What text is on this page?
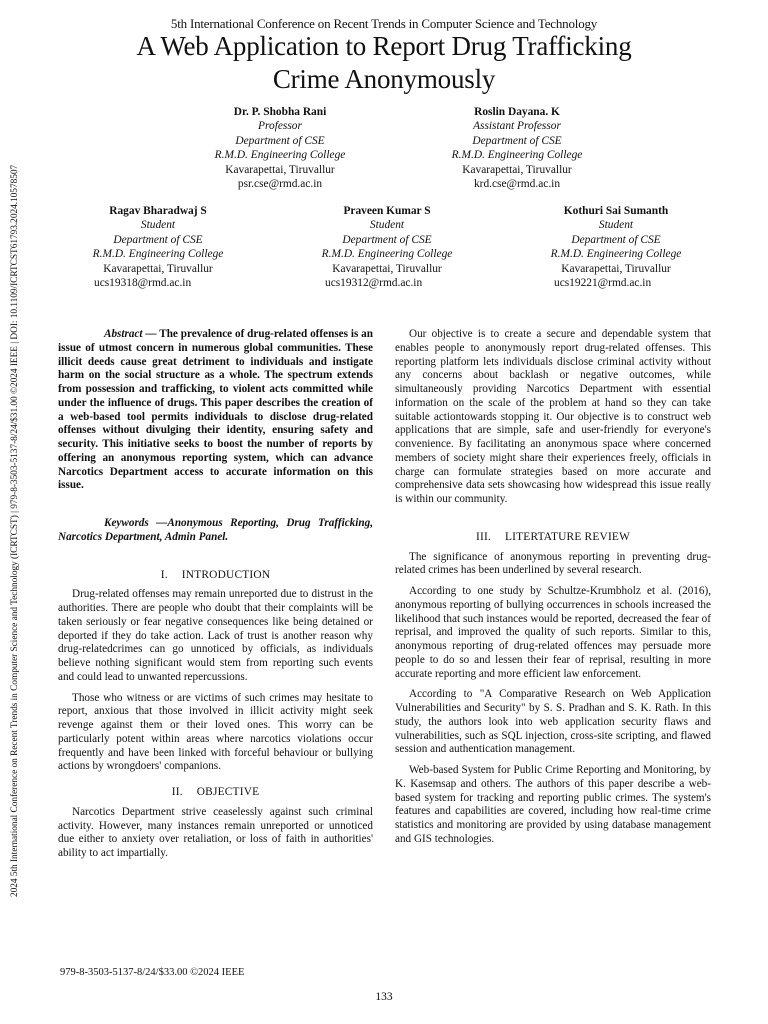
2024 5th International Conference on Recent Trends in Computer Science and Technology (ICRTCST) | 979-8-3503-5137-8/24/$31.00 ©2024 IEEE | DOI: 10.1109/ICRTCST61793.2024.10578507
5th International Conference on Recent Trends in Computer Science and Technology
A Web Application to Report Drug Trafficking
Crime Anonymously
Dr. P. Shobha Rani
Professor
Department of CSE
R.M.D. Engineering College
Kavarapettai, Tiruvallur
psr.cse@rmd.ac.in
Roslin Dayana. K
Assistant Professor
Department of CSE
R.M.D. Engineering College
Kavarapettai, Tiruvallur
krd.cse@rmd.ac.in
Ragav Bharadwaj S
Student
Department of CSE
R.M.D. Engineering College
Kavarapettai, Tiruvallur
ucs19318@rmd.ac.in
Praveen Kumar S
Student
Department of CSE
R.M.D. Engineering College
Kavarapettai, Tiruvallur
ucs19312@rmd.ac.in
Kothuri Sai Sumanth
Student
Department of CSE
R.M.D. Engineering College
Kavarapettai, Tiruvallur
ucs19221@rmd.ac.in

Abstract — The prevalence of drug-related offenses is an issue of utmost concern in numerous global communities. These illicit deeds cause great detriment to individuals and instigate harm on the social structure as a whole. The spectrum extends from possession and trafficking, to violent acts committed while under the influence of drugs. This paper describes the creation of a web-based tool permits individuals to disclose drug-related offenses without divulging their identity, ensuring safety and security. This initiative seeks to boost the number of reports by offering an anonymous reporting system, which can advance Narcotics Department access to accurate information on this issue.

Keywords —Anonymous Reporting, Drug Trafficking, Narcotics Department, Admin Panel.

I. INTRODUCTION

Drug-related offenses may remain unreported due to distrust in the authorities. There are people who doubt that their complaints will be taken seriously or fear negative consequences like being detained or deported if they do take action. Lack of trust is another reason why drug-relatedcrimes can go unnoticed by officials, as individuals believe nothing significant would stem from reporting such events and could lead to unwanted repercussions.

Those who witness or are victims of such crimes may hesitate to report, anxious that those involved in illicit activity might seek revenge against them or their loved ones. This worry can be particularly potent within areas where narcotics violations occur frequently and have been linked with forceful behaviour or bullying actions by wrongdoers' companions.

II. OBJECTIVE

Narcotics Department strive ceaselessly against such criminal activity. However, many instances remain unreported or unnoticed due either to anxiety over retaliation, or loss of faith in authorities' ability to act impartially.

Our objective is to create a secure and dependable system that enables people to anonymously report drug-related offenses. This reporting platform lets individuals disclose criminal activity without any concerns about backlash or negative outcomes, while simultaneously providing Narcotics Department with essential information on the scale of the problem at hand so they can take suitable actiontowards stopping it. Our objective is to construct web applications that are simple, safe and user-friendly for everyone's convenience. By facilitating an anonymous space where concerned members of society might share their experiences freely, officials in charge can formulate strategies based on more accurate and comprehensive data sets showcasing how widespread this issue really is within our community.

III. LITERTATURE REVIEW

The significance of anonymous reporting in preventing drug-related crimes has been underlined by several research.

According to one study by Schultze-Krumbholz et al. (2016), anonymous reporting of bullying occurrences in schools increased the likelihood that such instances would be reported, decreased the fear of reprisal, and improved the quality of such reports. Similar to this, anonymous reporting of drug-related offences may persuade more people to do so and lessen their fear of reprisal, resulting in more accurate reporting and more efficient law enforcement.

According to "A Comparative Research on Web Application Vulnerabilities and Security" by S. S. Pradhan and S. K. Rath. In this study, the authors look into web application security flaws and vulnerabilities, such as SQL injection, cross-site scripting, and flawed session and authentication management.

Web-based System for Public Crime Reporting and Monitoring, by K. Kasemsap and others. The authors of this paper describe a web-based system for tracking and reporting public crimes. The system's features and capabilities are covered, including how real-time crime statistics and monitoring are provided by using database management and GIS technologies.

979-8-3503-5137-8/24/$33.00 ©2024 IEEE
133
